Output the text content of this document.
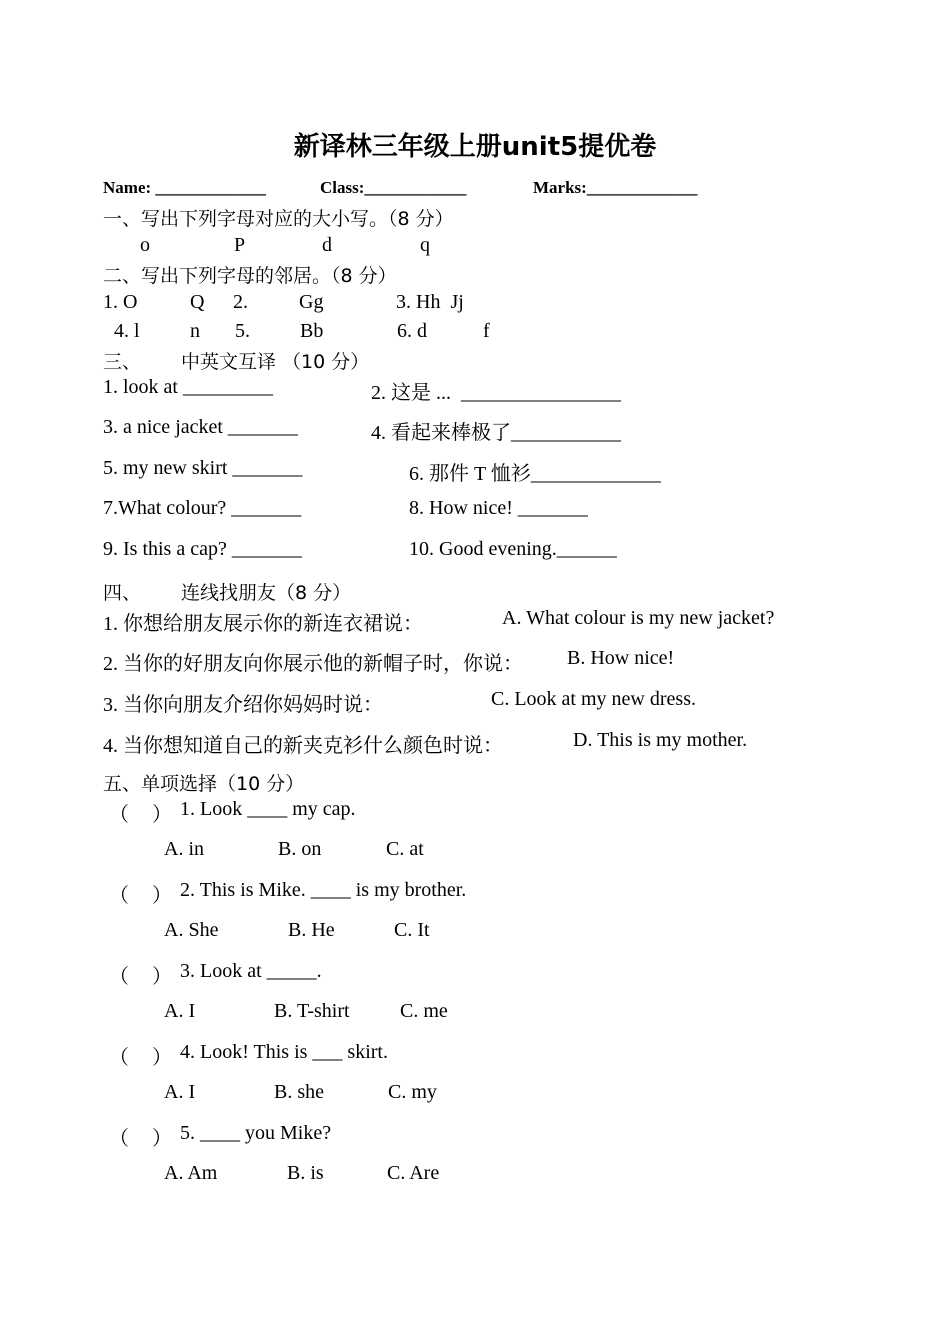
新译林三年级上册unit5提优卷
Name: _____________	Class:____________	Marks:_____________
一、写出下列字母对应的大小写。（8 分）
o	P	d	q
二、写出下列字母的邻居。（8 分）
1. O	Q 2.	Gg	3. Hh  Jj
4. l	n 5.	Bb	6. d	f
三、 中英文互译 （10 分）
1. look at _________	2. 这是 ...  ________________
3. a nice jacket _______	4. 看起来棒极了___________
5. my new skirt _______	6. 那件 T 恤衫_____________
7.What colour? _______	8. How nice! _______
9. Is this a cap? _______	10. Good evening.______
四、 连线找朋友（8 分）
1. 你想给朋友展示你的新连衣裙说：	A. What colour is my new jacket?
2. 当你的好朋友向你展示他的新帽子时，你说： B. How nice!
3. 当你向朋友介绍你妈妈时说：	C. Look at my new dress.
4. 当你想知道自己的新夹克衫什么颜色时说：	D. This is my mother.
五、单项选择（10 分）
（ ） 1. Look ____ my cap.
A. in	B. on	C. at
（ ） 2. This is Mike. ____ is my brother.
A. She	B. He	C. It
（ ） 3. Look at _____.
A. I	B. T-shirt	C. me
（ ） 4. Look! This is ___ skirt.
A. I	B. she	C. my
（ ） 5. ____ you Mike?
A. Am	B. is	C. Are
